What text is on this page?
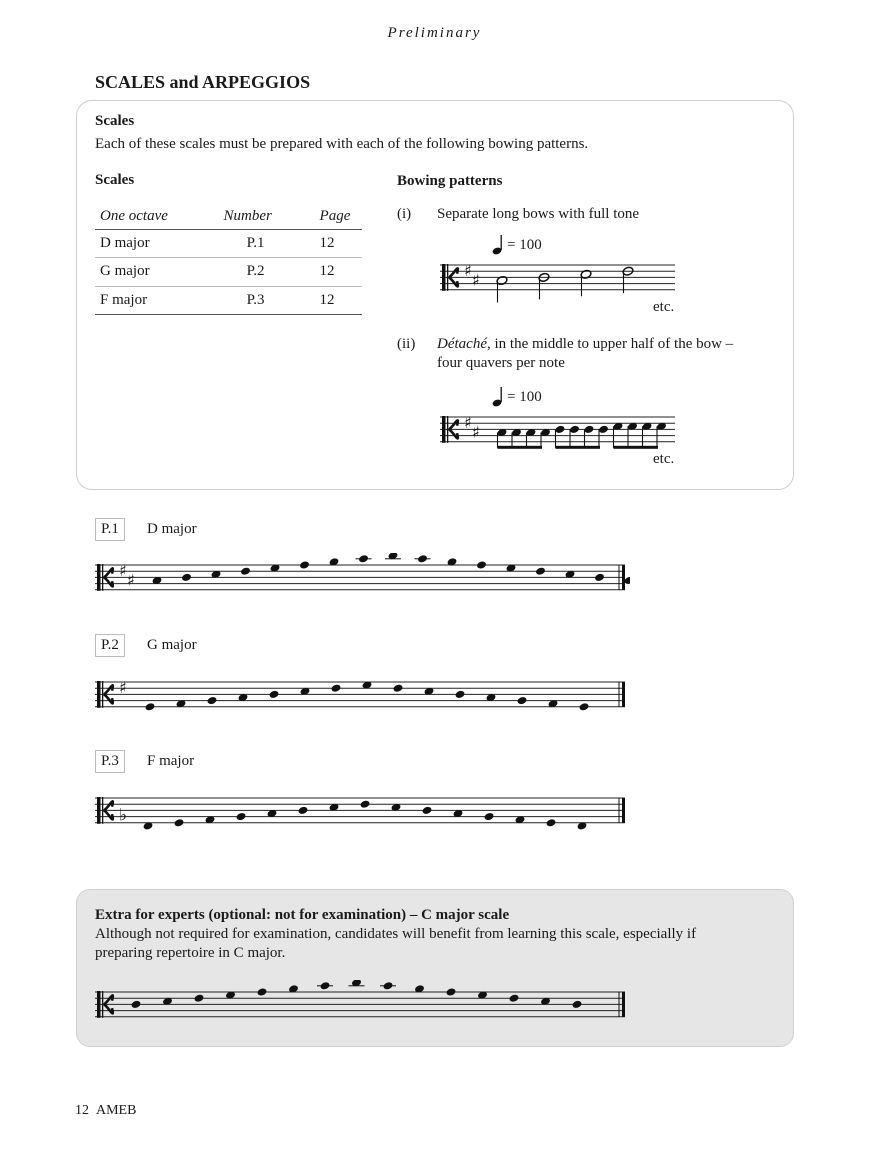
Preliminary
SCALES and ARPEGGIOS
Scales
Each of these scales must be prepared with each of the following bowing patterns.
Scales	Bowing patterns
One octave	Number	Page
D major	P.1	12
G major	P.2	12
F major	P.3	12
(i) Separate long bows with full tone
= 100
♯ ♯
etc.
(ii) Détaché, in the middle to upper half of the bow –
four quavers per note
= 100
♯ ♯
etc.
P.1	D major
♯ ♯
P.2	G major
♯
P.3	F major
♭
Extra for experts (optional: not for examination) – C major scale
Although not required for examination, candidates will benefit from learning this scale, especially if
preparing repertoire in C major.
12 AMEB
